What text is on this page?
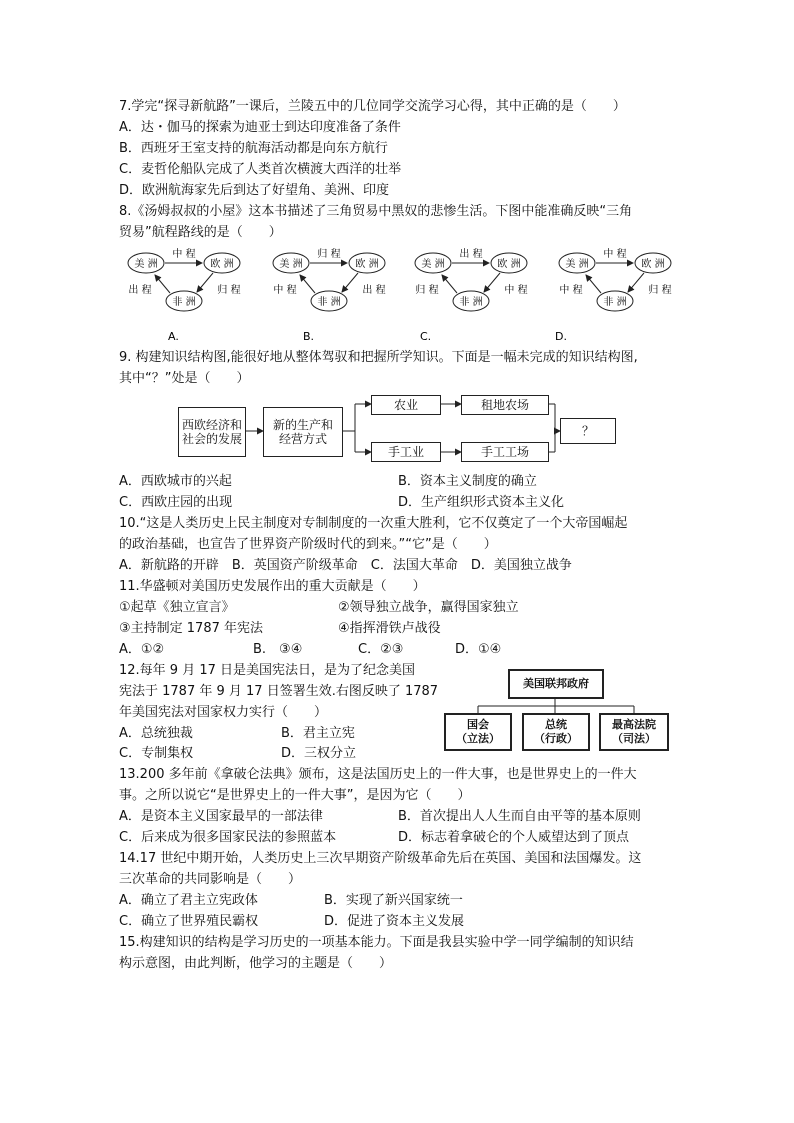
7.学完“探寻新航路”一课后，兰陵五中的几位同学交流学习心得，其中正确的是（　　）
A．达・伽马的探索为迪亚士到达印度准备了条件
B．西班牙王室支持的航海活动都是向东方航行
C．麦哲伦船队完成了人类首次横渡大西洋的壮举
D．欧洲航海家先后到达了好望角、美洲、印度
8.《汤姆叔叔的小屋》这本书描述了三角贸易中黑奴的悲惨生活。下图中能准确反映“三角
贸易”航程路线的是（　　）
美 洲	欧 洲
非 洲
中 程
出 程	归 程
A.
美 洲	欧 洲
非 洲
归 程
中 程	出 程
B.
美 洲	欧 洲
非 洲
出 程
归 程	中 程
C.
美 洲	欧 洲
非 洲
中 程
中 程	归 程
D.
9. 构建知识结构图,能很好地从整体驾驭和把握所学知识。下面是一幅未完成的知识结构图,
其中“？”处是（　　）
西欧经济和社会的发展
新的生产和经营方式
农业
手工业
租地农场
手工工场
？
A．西欧城市的兴起	B．资本主义制度的确立
C．西欧庄园的出现	D．生产组织形式资本主义化
10.“这是人类历史上民主制度对专制制度的一次重大胜利，它不仅奠定了一个大帝国崛起
的政治基础，也宣告了世界资产阶级时代的到来。”“它”是（　　）
A．新航路的开辟　B．英国资产阶级革命　C．法国大革命　D．美国独立战争
11.华盛顿对美国历史发展作出的重大贡献是（　　）
①起草《独立宣言》	②领导独立战争，赢得国家独立
③主持制定 1787 年宪法	④指挥滑铁卢战役
A．①②	B.　③④	C．②③	D．①④
12.每年 9 月 17 日是美国宪法日，是为了纪念美国
宪法于 1787 年 9 月 17 日签署生效.右图反映了 1787
年美国宪法对国家权力实行（　　）
A．总统独裁	B．君主立宪
C．专制集权	D．三权分立
美国联邦政府
国会
（立法）
总统
（行政）
最高法院
（司法）
13.200 多年前《拿破仑法典》颁布，这是法国历史上的一件大事，也是世界史上的一件大
事。之所以说它“是世界史上的一件大事”，是因为它（　　）
A．是资本主义国家最早的一部法律	B．首次提出人人生而自由平等的基本原则
C．后来成为很多国家民法的参照蓝本	D．标志着拿破仑的个人威望达到了顶点
14.17 世纪中期开始，人类历史上三次早期资产阶级革命先后在英国、美国和法国爆发。这
三次革命的共同影响是（　　）
A．确立了君主立宪政体	B．实现了新兴国家统一
C．确立了世界殖民霸权	D．促进了资本主义发展
15.构建知识的结构是学习历史的一项基本能力。下面是我县实验中学一同学编制的知识结
构示意图，由此判断，他学习的主题是（　　）
